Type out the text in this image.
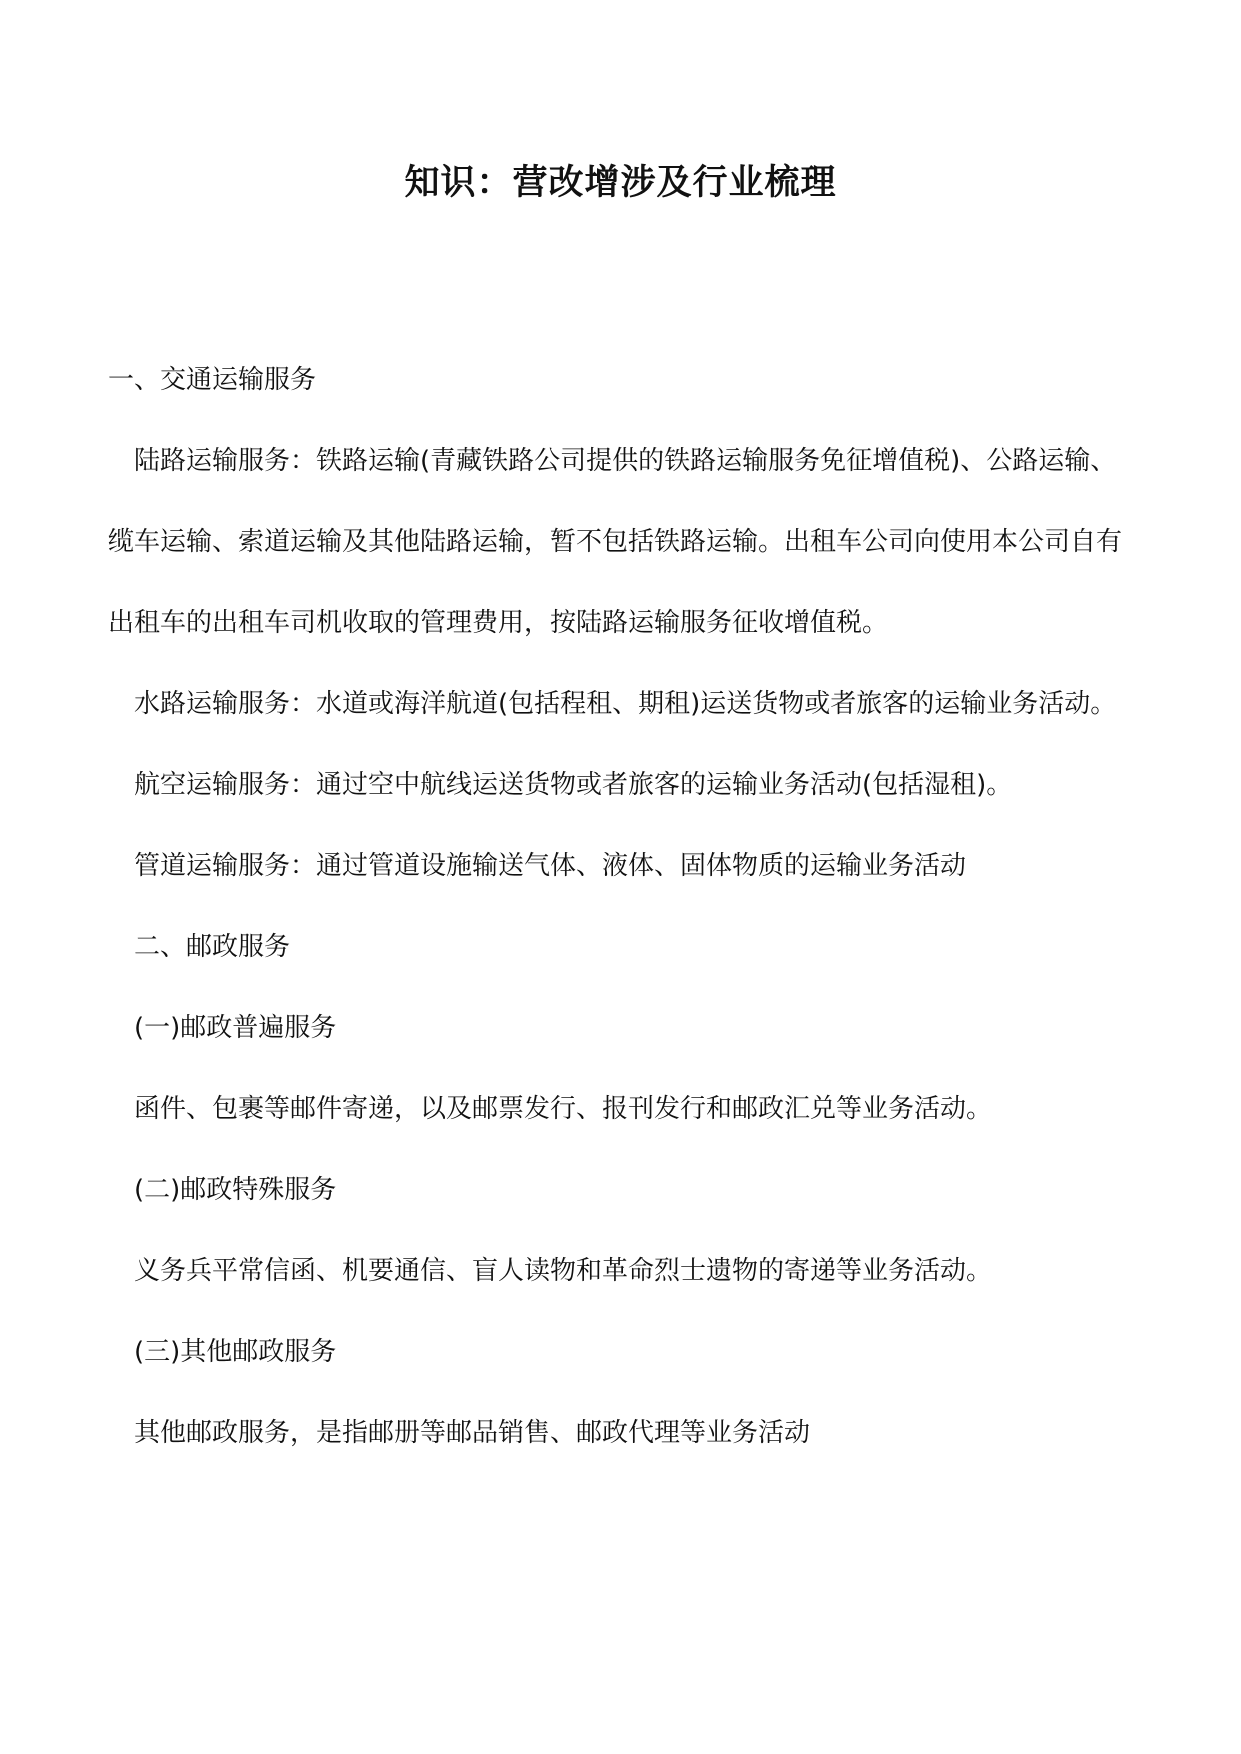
知识：营改增涉及行业梳理

一、交通运输服务

陆路运输服务：铁路运输(青藏铁路公司提供的铁路运输服务免征增值税)、公路运输、缆车运输、索道运输及其他陆路运输，暂不包括铁路运输。出租车公司向使用本公司自有出租车的出租车司机收取的管理费用，按陆路运输服务征收增值税。

水路运输服务：水道或海洋航道(包括程租、期租)运送货物或者旅客的运输业务活动。

航空运输服务：通过空中航线运送货物或者旅客的运输业务活动(包括湿租)。

管道运输服务：通过管道设施输送气体、液体、固体物质的运输业务活动

二、邮政服务

(一)邮政普遍服务

函件、包裹等邮件寄递，以及邮票发行、报刊发行和邮政汇兑等业务活动。

(二)邮政特殊服务

义务兵平常信函、机要通信、盲人读物和革命烈士遗物的寄递等业务活动。

(三)其他邮政服务

其他邮政服务，是指邮册等邮品销售、邮政代理等业务活动
